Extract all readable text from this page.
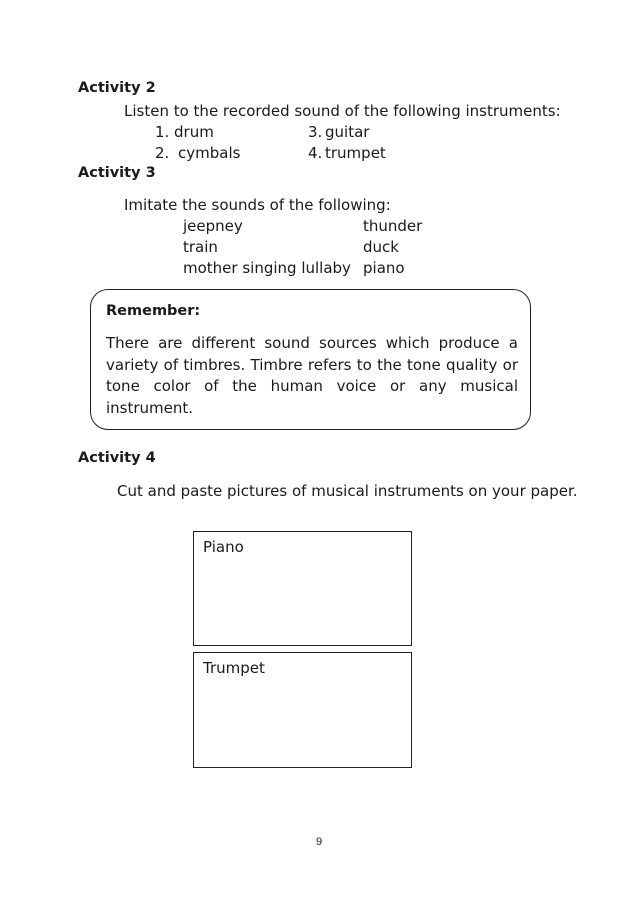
Activity 2
Listen to the recorded sound of the following instruments:
1. drum
2. cymbals
3. guitar
4. trumpet
Activity 3
Imitate the sounds of the following:
jeepney
train
mother singing lullaby
thunder
duck
piano
Remember:
There are different sound sources which produce a variety of timbres. Timbre refers to the tone quality or tone color of the human voice or any musical instrument.
Activity 4
Cut and paste pictures of musical instruments on your paper.
Piano
Trumpet
9
